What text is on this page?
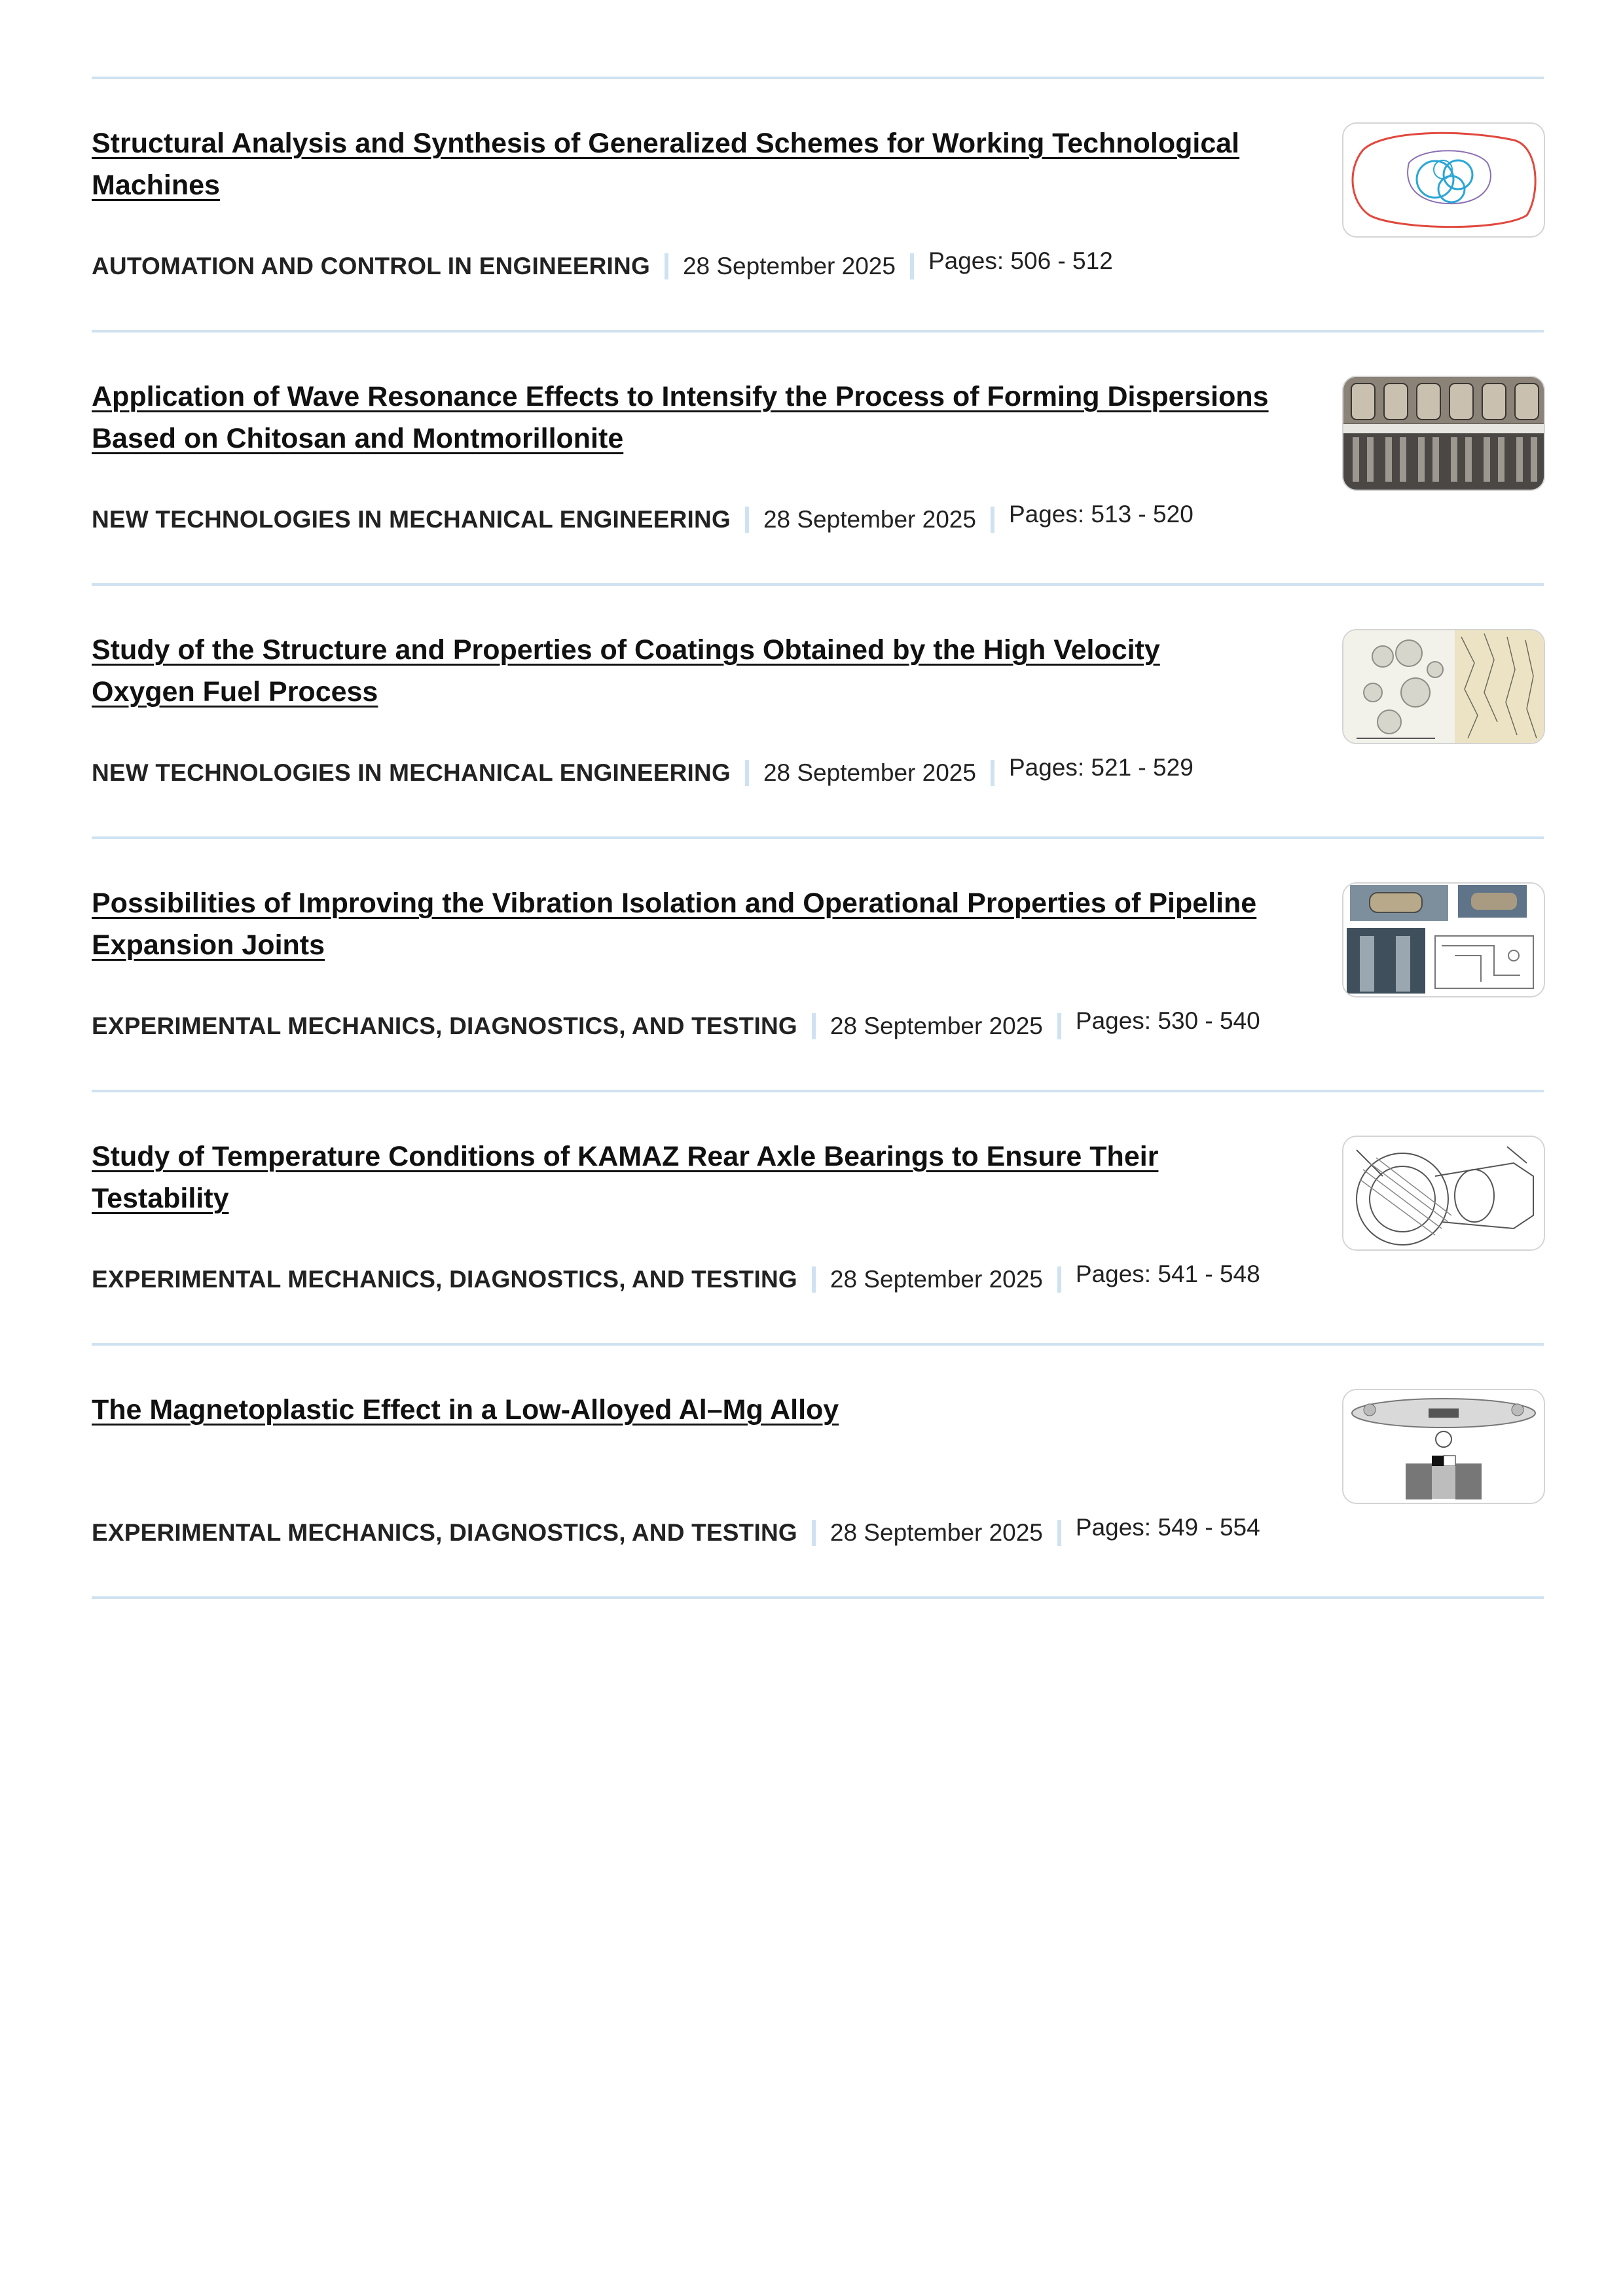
Structural Analysis and Synthesis of Generalized Schemes for Working Technological Machines
AUTOMATION AND CONTROL IN ENGINEERING 28 September 2025 Pages: 506 - 512
Application of Wave Resonance Effects to Intensify the Process of Forming Dispersions Based on Chitosan and Montmorillonite
NEW TECHNOLOGIES IN MECHANICAL ENGINEERING 28 September 2025 Pages: 513 - 520
Study of the Structure and Properties of Coatings Obtained by the High Velocity Oxygen Fuel Process
NEW TECHNOLOGIES IN MECHANICAL ENGINEERING 28 September 2025 Pages: 521 - 529
Possibilities of Improving the Vibration Isolation and Operational Properties of Pipeline Expansion Joints
EXPERIMENTAL MECHANICS, DIAGNOSTICS, AND TESTING 28 September 2025 Pages: 530 - 540
Study of Temperature Conditions of KAMAZ Rear Axle Bearings to Ensure Their Testability
EXPERIMENTAL MECHANICS, DIAGNOSTICS, AND TESTING 28 September 2025 Pages: 541 - 548
The Magnetoplastic Effect in a Low-Alloyed Al–Mg Alloy
EXPERIMENTAL MECHANICS, DIAGNOSTICS, AND TESTING 28 September 2025 Pages: 549 - 554
